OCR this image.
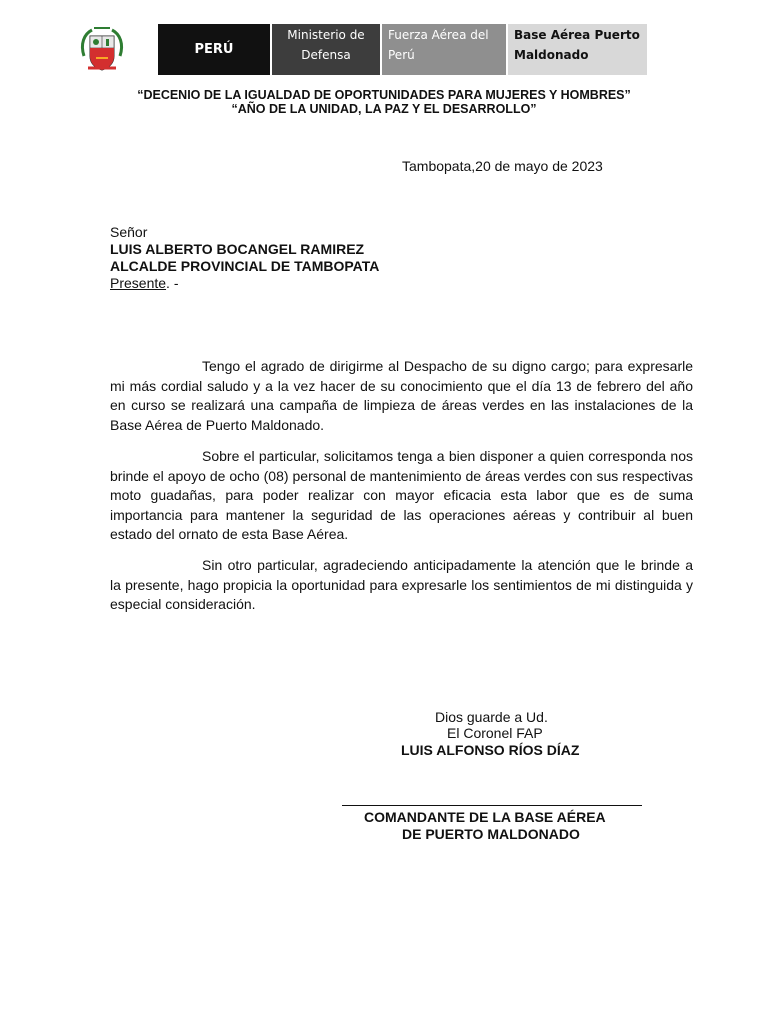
PERÚ
Ministerio de
Defensa
Fuerza Aérea del
Perú
Base Aérea Puerto
Maldonado
“DECENIO DE LA IGUALDAD DE OPORTUNIDADES PARA MUJERES Y HOMBRES”
“AÑO DE LA UNIDAD, LA PAZ Y EL DESARROLLO”
Tambopata,20 de mayo de 2023
Señor
LUIS ALBERTO BOCANGEL RAMIREZ
ALCALDE PROVINCIAL DE TAMBOPATA
Presente. -
Tengo el agrado de dirigirme al Despacho de su digno cargo; para expresarle mi más cordial saludo y a la vez hacer de su conocimiento que el día 13 de febrero del año en curso se realizará una campaña de limpieza de áreas verdes en las instalaciones de la Base Aérea de Puerto Maldonado.
Sobre el particular, solicitamos tenga a bien disponer a quien corresponda nos brinde el apoyo de ocho (08) personal de mantenimiento de áreas verdes con sus respectivas moto guadañas, para poder realizar con mayor eficacia esta labor que es de suma importancia para mantener la seguridad de las operaciones aéreas y contribuir al buen estado del ornato de esta Base Aérea.
Sin otro particular, agradeciendo anticipadamente la atención que le brinde a la presente, hago propicia la oportunidad para expresarle los sentimientos de mi distinguida y especial consideración.
Dios guarde a Ud.
El Coronel FAP
LUIS ALFONSO RÍOS DÍAZ
COMANDANTE DE LA BASE AÉREA
DE PUERTO MALDONADO
